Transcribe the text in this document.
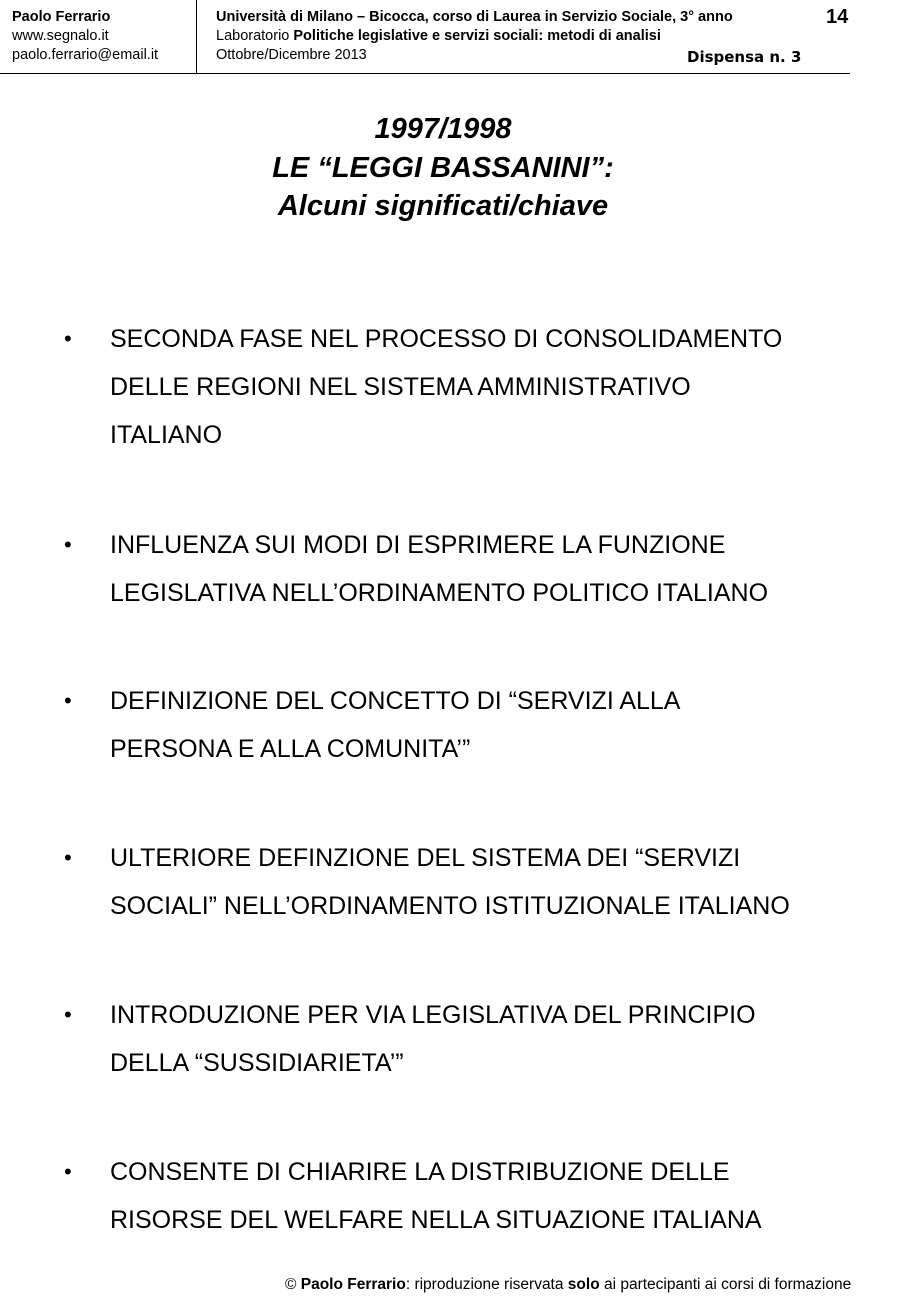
Paolo Ferrario
www.segnalo.it
paolo.ferrario@email.it
Università di Milano – Bicocca, corso di Laurea in Servizio Sociale, 3° anno
Laboratorio Politiche legislative e servizi sociali: metodi di analisi
Ottobre/Dicembre 2013
14
Dispensa n. 3
1997/1998
LE “LEGGI BASSANINI”:
Alcuni significati/chiave
• SECONDA FASE NEL PROCESSO DI CONSOLIDAMENTO
DELLE REGIONI NEL SISTEMA AMMINISTRATIVO
ITALIANO
• INFLUENZA SUI MODI DI ESPRIMERE LA FUNZIONE
LEGISLATIVA NELL’ORDINAMENTO POLITICO ITALIANO
• DEFINIZIONE DEL CONCETTO DI “SERVIZI ALLA
PERSONA E ALLA COMUNITA’”
• ULTERIORE DEFINZIONE DEL SISTEMA DEI “SERVIZI
SOCIALI” NELL’ORDINAMENTO ISTITUZIONALE ITALIANO
• INTRODUZIONE PER VIA LEGISLATIVA DEL PRINCIPIO
DELLA “SUSSIDIARIETA’”
• CONSENTE DI CHIARIRE LA DISTRIBUZIONE DELLE
RISORSE DEL WELFARE NELLA SITUAZIONE ITALIANA
© Paolo Ferrario: riproduzione riservata solo ai partecipanti ai corsi di formazione
